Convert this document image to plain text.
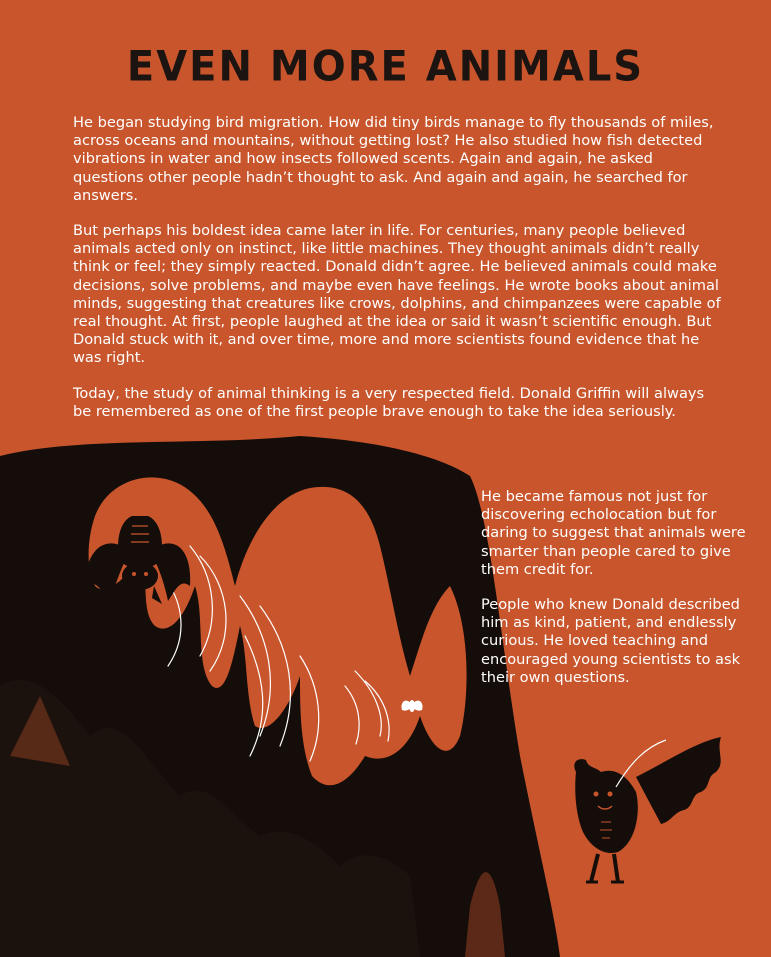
EVEN MORE ANIMALS

He began studying bird migration. How did tiny birds manage to fly thousands of miles, across oceans and mountains, without getting lost? He also studied how fish detected vibrations in water and how insects followed scents. Again and again, he asked questions other people hadn’t thought to ask. And again and again, he searched for answers.

But perhaps his boldest idea came later in life. For centuries, many people believed animals acted only on instinct, like little machines. They thought animals didn’t really think or feel; they simply reacted. Donald didn’t agree. He believed animals could make decisions, solve problems, and maybe even have feelings. He wrote books about animal minds, suggesting that creatures like crows, dolphins, and chimpanzees were capable of real thought. At first, people laughed at the idea or said it wasn’t scientific enough. But Donald stuck with it, and over time, more and more scientists found evidence that he was right.

Today, the study of animal thinking is a very respected field. Donald Griffin will always be remembered as one of the first people brave enough to take the idea seriously.

He became famous not just for discovering echolocation but for daring to suggest that animals were smarter than people cared to give them credit for.

People who knew Donald described him as kind, patient, and endlessly curious. He loved teaching and encouraged young scientists to ask their own questions.
